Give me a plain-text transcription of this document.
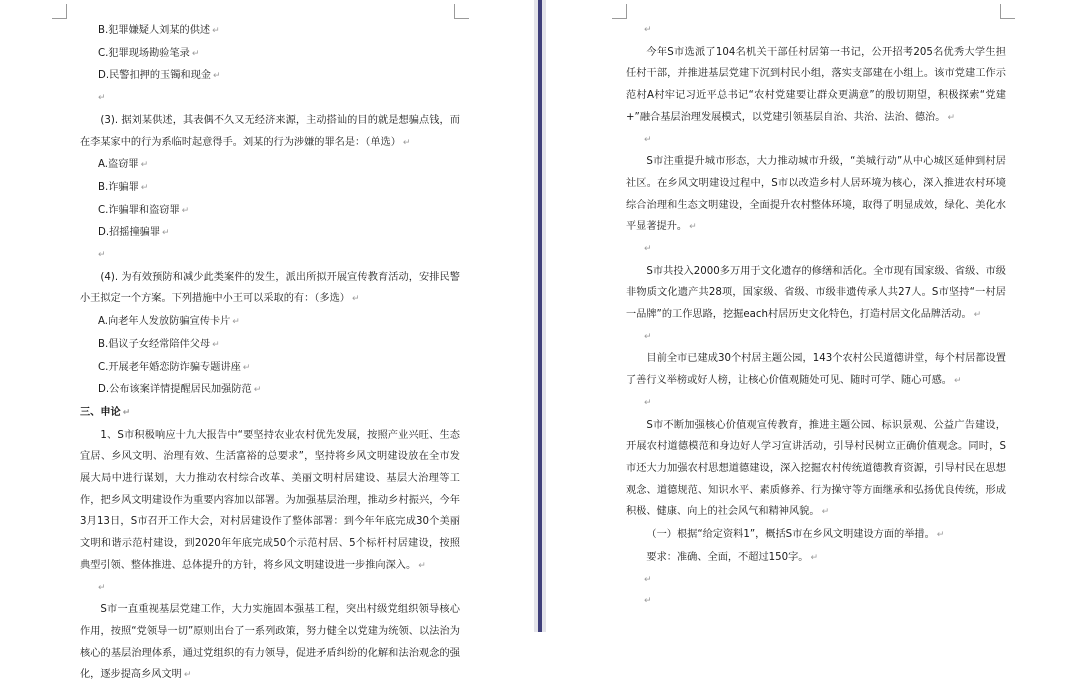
B.犯罪嫌疑人刘某的供述 ↵
C.犯罪现场勘验笔录 ↵
D.民警扣押的玉镯和现金 ↵
↵
(3). 据刘某供述，其表偶不久又无经济来源，主动搭讪的目的就是想骗点钱，而在李某家中的行为系临时起意得手。刘某的行为涉嫌的罪名是：（单选） ↵
A.盗窃罪 ↵
B.诈骗罪 ↵
C.诈骗罪和盗窃罪 ↵
D.招摇撞骗罪 ↵
↵
(4). 为有效预防和减少此类案件的发生，派出所拟开展宣传教育活动，安排民警小王拟定一个方案。下列措施中小王可以采取的有：（多选） ↵
A.向老年人发放防骗宣传卡片 ↵
B.倡议子女经常陪伴父母 ↵
C.开展老年婚恋防诈骗专题讲座 ↵
D.公布该案详情提醒居民加强防范 ↵
三、申论 ↵
1、S市积极响应十九大报告中“要坚持农业农村优先发展，按照产业兴旺、生态宜居、乡风文明、治理有效、生活富裕的总要求”，坚持将乡风文明建设放在全市发展大局中进行谋划，大力推动农村综合改革、美丽文明村居建设、基层大治理等工作，把乡风文明建设作为重要内容加以部署。为加强基层治理，推动乡村振兴，今年3月13日，S市召开工作大会，对村居建设作了整体部署：到今年年底完成30个美丽文明和谐示范村建设，到2020年年底完成50个示范村居、5个标杆村居建设，按照典型引领、整体推进、总体提升的方针，将乡风文明建设进一步推向深入。 ↵
↵
S市一直重视基层党建工作，大力实施固本强基工程，突出村级党组织领导核心作用，按照“党领导一切”原则出台了一系列政策，努力健全以党建为统领、以法治为核心的基层治理体系，通过党组织的有力领导，促进矛盾纠纷的化解和法治观念的强化，逐步提高乡风文明 ↵
↵
今年S市选派了104名机关干部任村居第一书记，公开招考205名优秀大学生担任村干部，并推进基层党建下沉到村民小组，落实支部建在小组上。该市党建工作示范村A村牢记习近平总书记“农村党建要让群众更满意”的殷切期望，积极探索“党建+”融合基层治理发展模式，以党建引领基层自治、共治、法治、德治。 ↵
↵
S市注重提升城市形态，大力推动城市升级，“美城行动”从中心城区延伸到村居社区。在乡风文明建设过程中，S市以改造乡村人居环境为核心，深入推进农村环境综合治理和生态文明建设，全面提升农村整体环境，取得了明显成效，绿化、美化水平显著提升。 ↵
↵
S市共投入2000多万用于文化遗存的修缮和活化。全市现有国家级、省级、市级非物质文化遗产共28项，国家级、省级、市级非遗传承人共27人。S市坚持“一村居一品牌”的工作思路，挖掘each村居历史文化特色，打造村居文化品牌活动。 ↵
↵
目前全市已建成30个村居主题公园，143个农村公民道德讲堂，每个村居都设置了善行义举榜或好人榜，让核心价值观随处可见、随时可学、随心可感。 ↵
↵
S市不断加强核心价值观宣传教育，推进主题公园、标识景观、公益广告建设，开展农村道德模范和身边好人学习宣讲活动，引导村民树立正确价值观念。同时，S市还大力加强农村思想道德建设，深入挖掘农村传统道德教育资源，引导村民在思想观念、道德规范、知识水平、素质修养、行为操守等方面继承和弘扬优良传统，形成积极、健康、向上的社会风气和精神风貌。 ↵
（一）根据“给定资料1”，概括S市在乡风文明建设方面的举措。 ↵
要求：准确、全面，不超过150字。 ↵
↵
↵
